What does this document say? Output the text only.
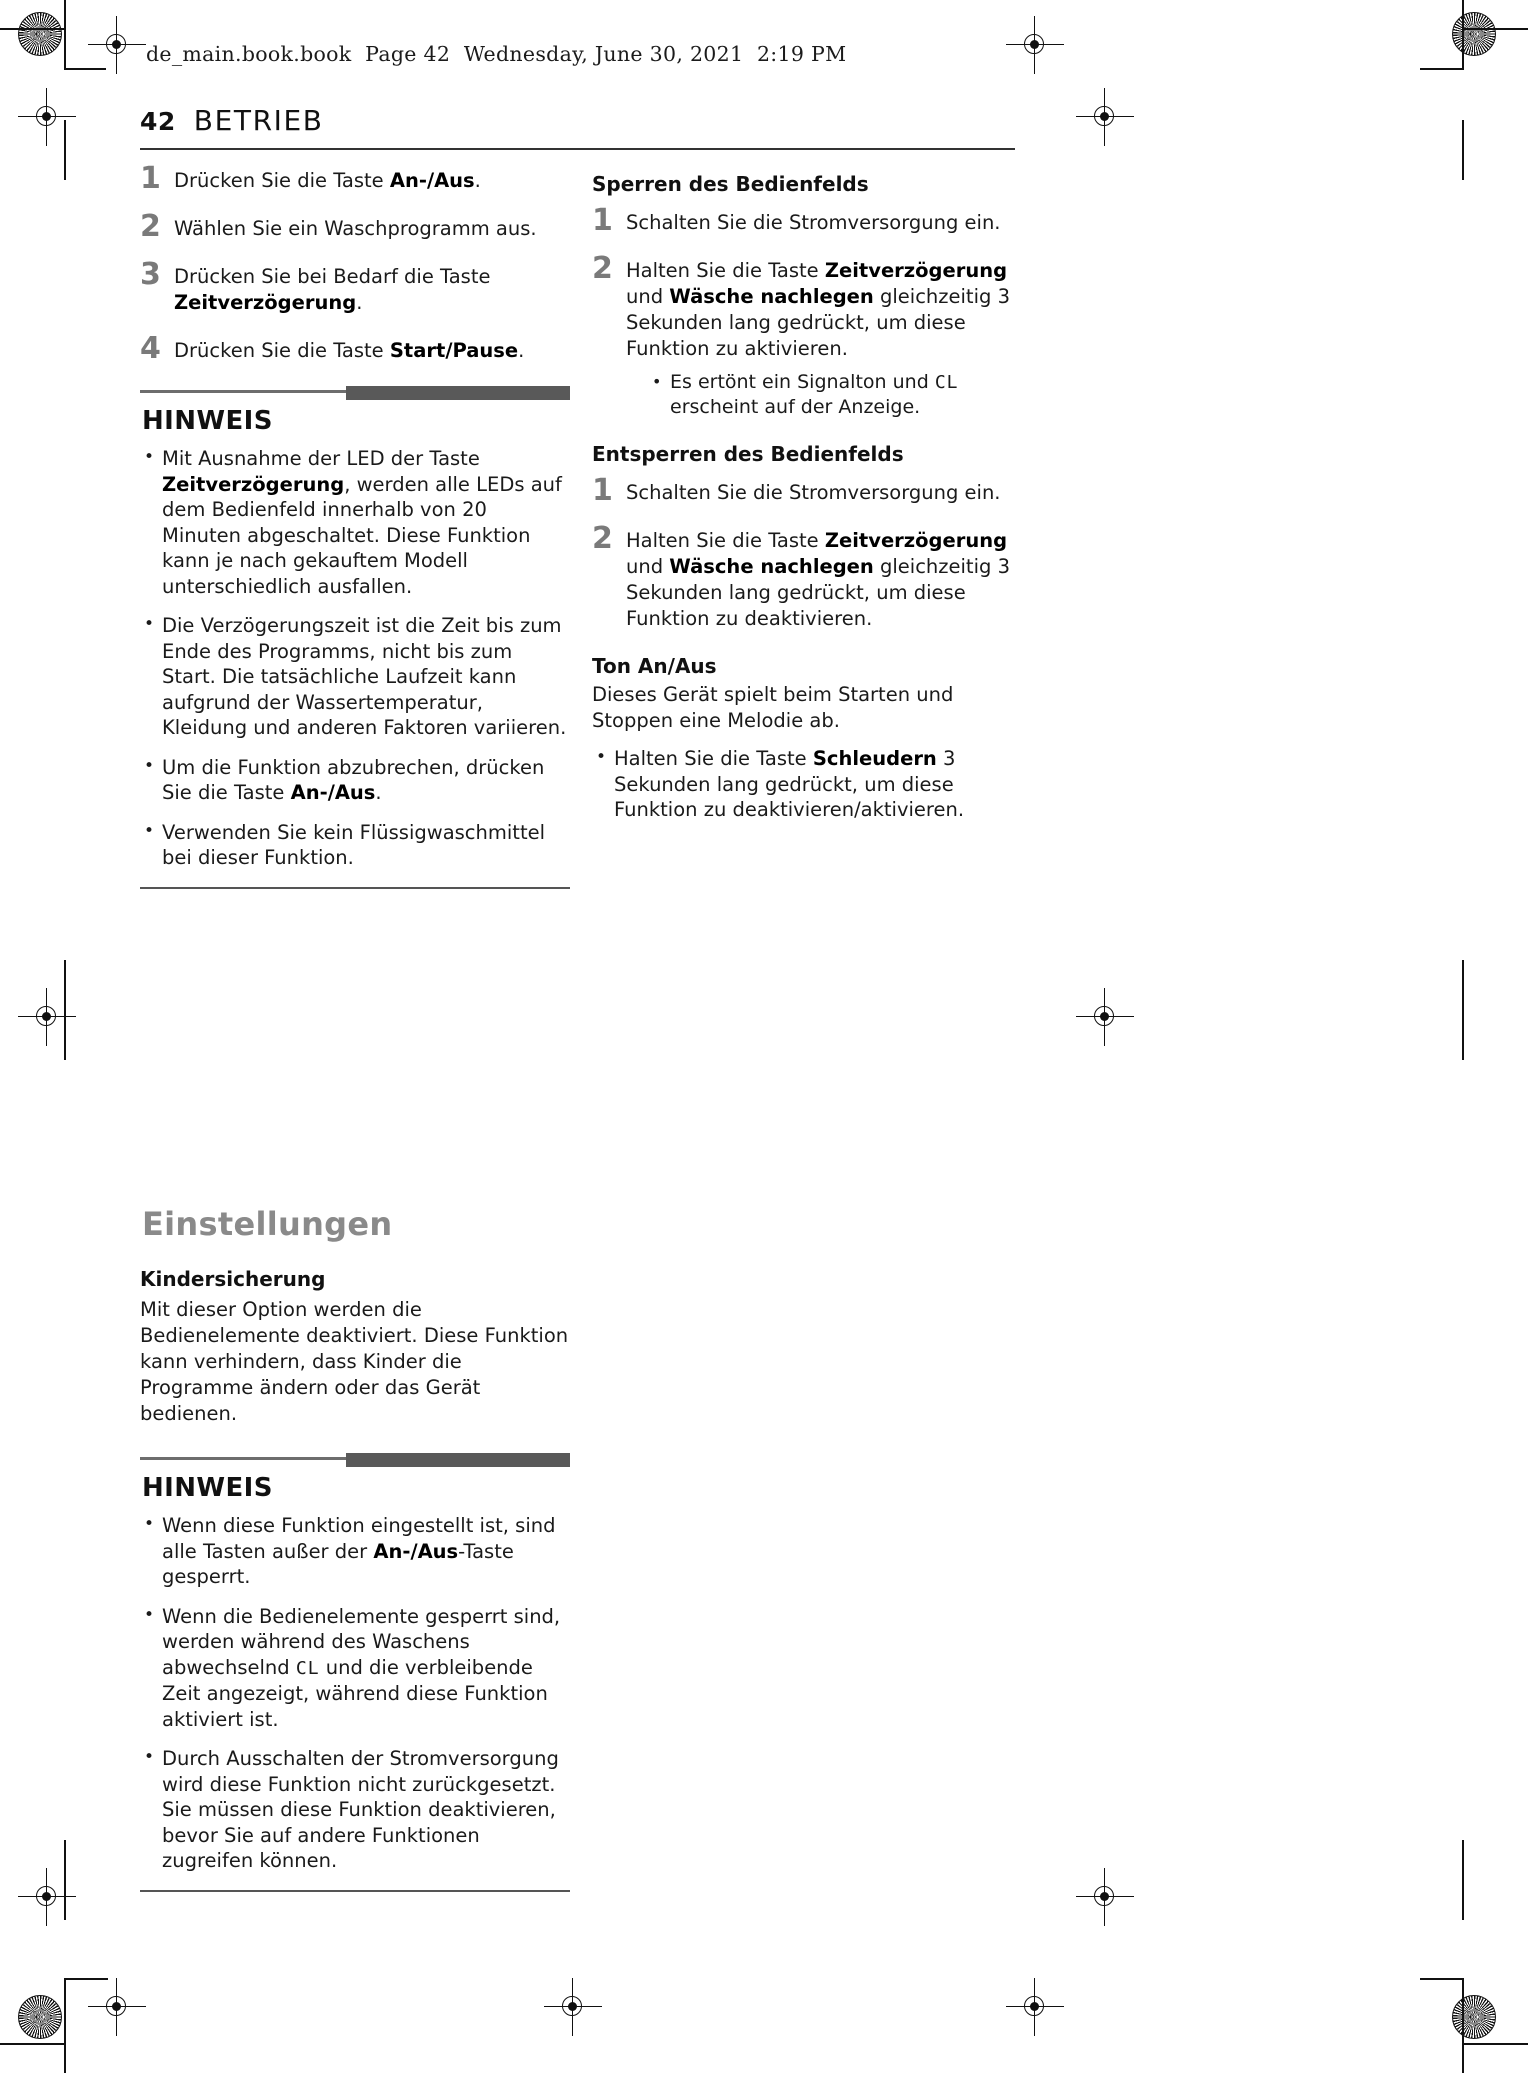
de_main.book.book  Page 42  Wednesday, June 30, 2021  2:19 PM
42 BETRIEB
1 Drücken Sie die Taste An-/Aus.
2 Wählen Sie ein Waschprogramm aus.
3 Drücken Sie bei Bedarf die Taste Zeitverzögerung.
4 Drücken Sie die Taste Start/Pause.
HINWEIS
• Mit Ausnahme der LED der Taste Zeitverzögerung, werden alle LEDs auf dem Bedienfeld innerhalb von 20 Minuten abgeschaltet. Diese Funktion kann je nach gekauftem Modell unterschiedlich ausfallen.
• Die Verzögerungszeit ist die Zeit bis zum Ende des Programms, nicht bis zum Start. Die tatsächliche Laufzeit kann aufgrund der Wassertemperatur, Kleidung und anderen Faktoren variieren.
• Um die Funktion abzubrechen, drücken Sie die Taste An-/Aus.
• Verwenden Sie kein Flüssigwaschmittel bei dieser Funktion.
Sperren des Bedienfelds
1 Schalten Sie die Stromversorgung ein.
2 Halten Sie die Taste Zeitverzögerung und Wäsche nachlegen gleichzeitig 3 Sekunden lang gedrückt, um diese Funktion zu aktivieren.
• Es ertönt ein Signalton und CL erscheint auf der Anzeige.
Entsperren des Bedienfelds
1 Schalten Sie die Stromversorgung ein.
2 Halten Sie die Taste Zeitverzögerung und Wäsche nachlegen gleichzeitig 3 Sekunden lang gedrückt, um diese Funktion zu deaktivieren.
Ton An/Aus

Dieses Gerät spielt beim Starten und Stoppen eine Melodie ab.

• Halten Sie die Taste Schleudern 3 Sekunden lang gedrückt, um diese Funktion zu deaktivieren/aktivieren.
Einstellungen
Kindersicherung

Mit dieser Option werden die Bedienelemente deaktiviert. Diese Funktion kann verhindern, dass Kinder die Programme ändern oder das Gerät bedienen.

HINWEIS
• Wenn diese Funktion eingestellt ist, sind alle Tasten außer der An-/Aus-Taste gesperrt.
• Wenn die Bedienelemente gesperrt sind, werden während des Waschens abwechselnd CL und die verbleibende Zeit angezeigt, während diese Funktion aktiviert ist.
• Durch Ausschalten der Stromversorgung wird diese Funktion nicht zurückgesetzt. Sie müssen diese Funktion deaktivieren, bevor Sie auf andere Funktionen zugreifen können.
